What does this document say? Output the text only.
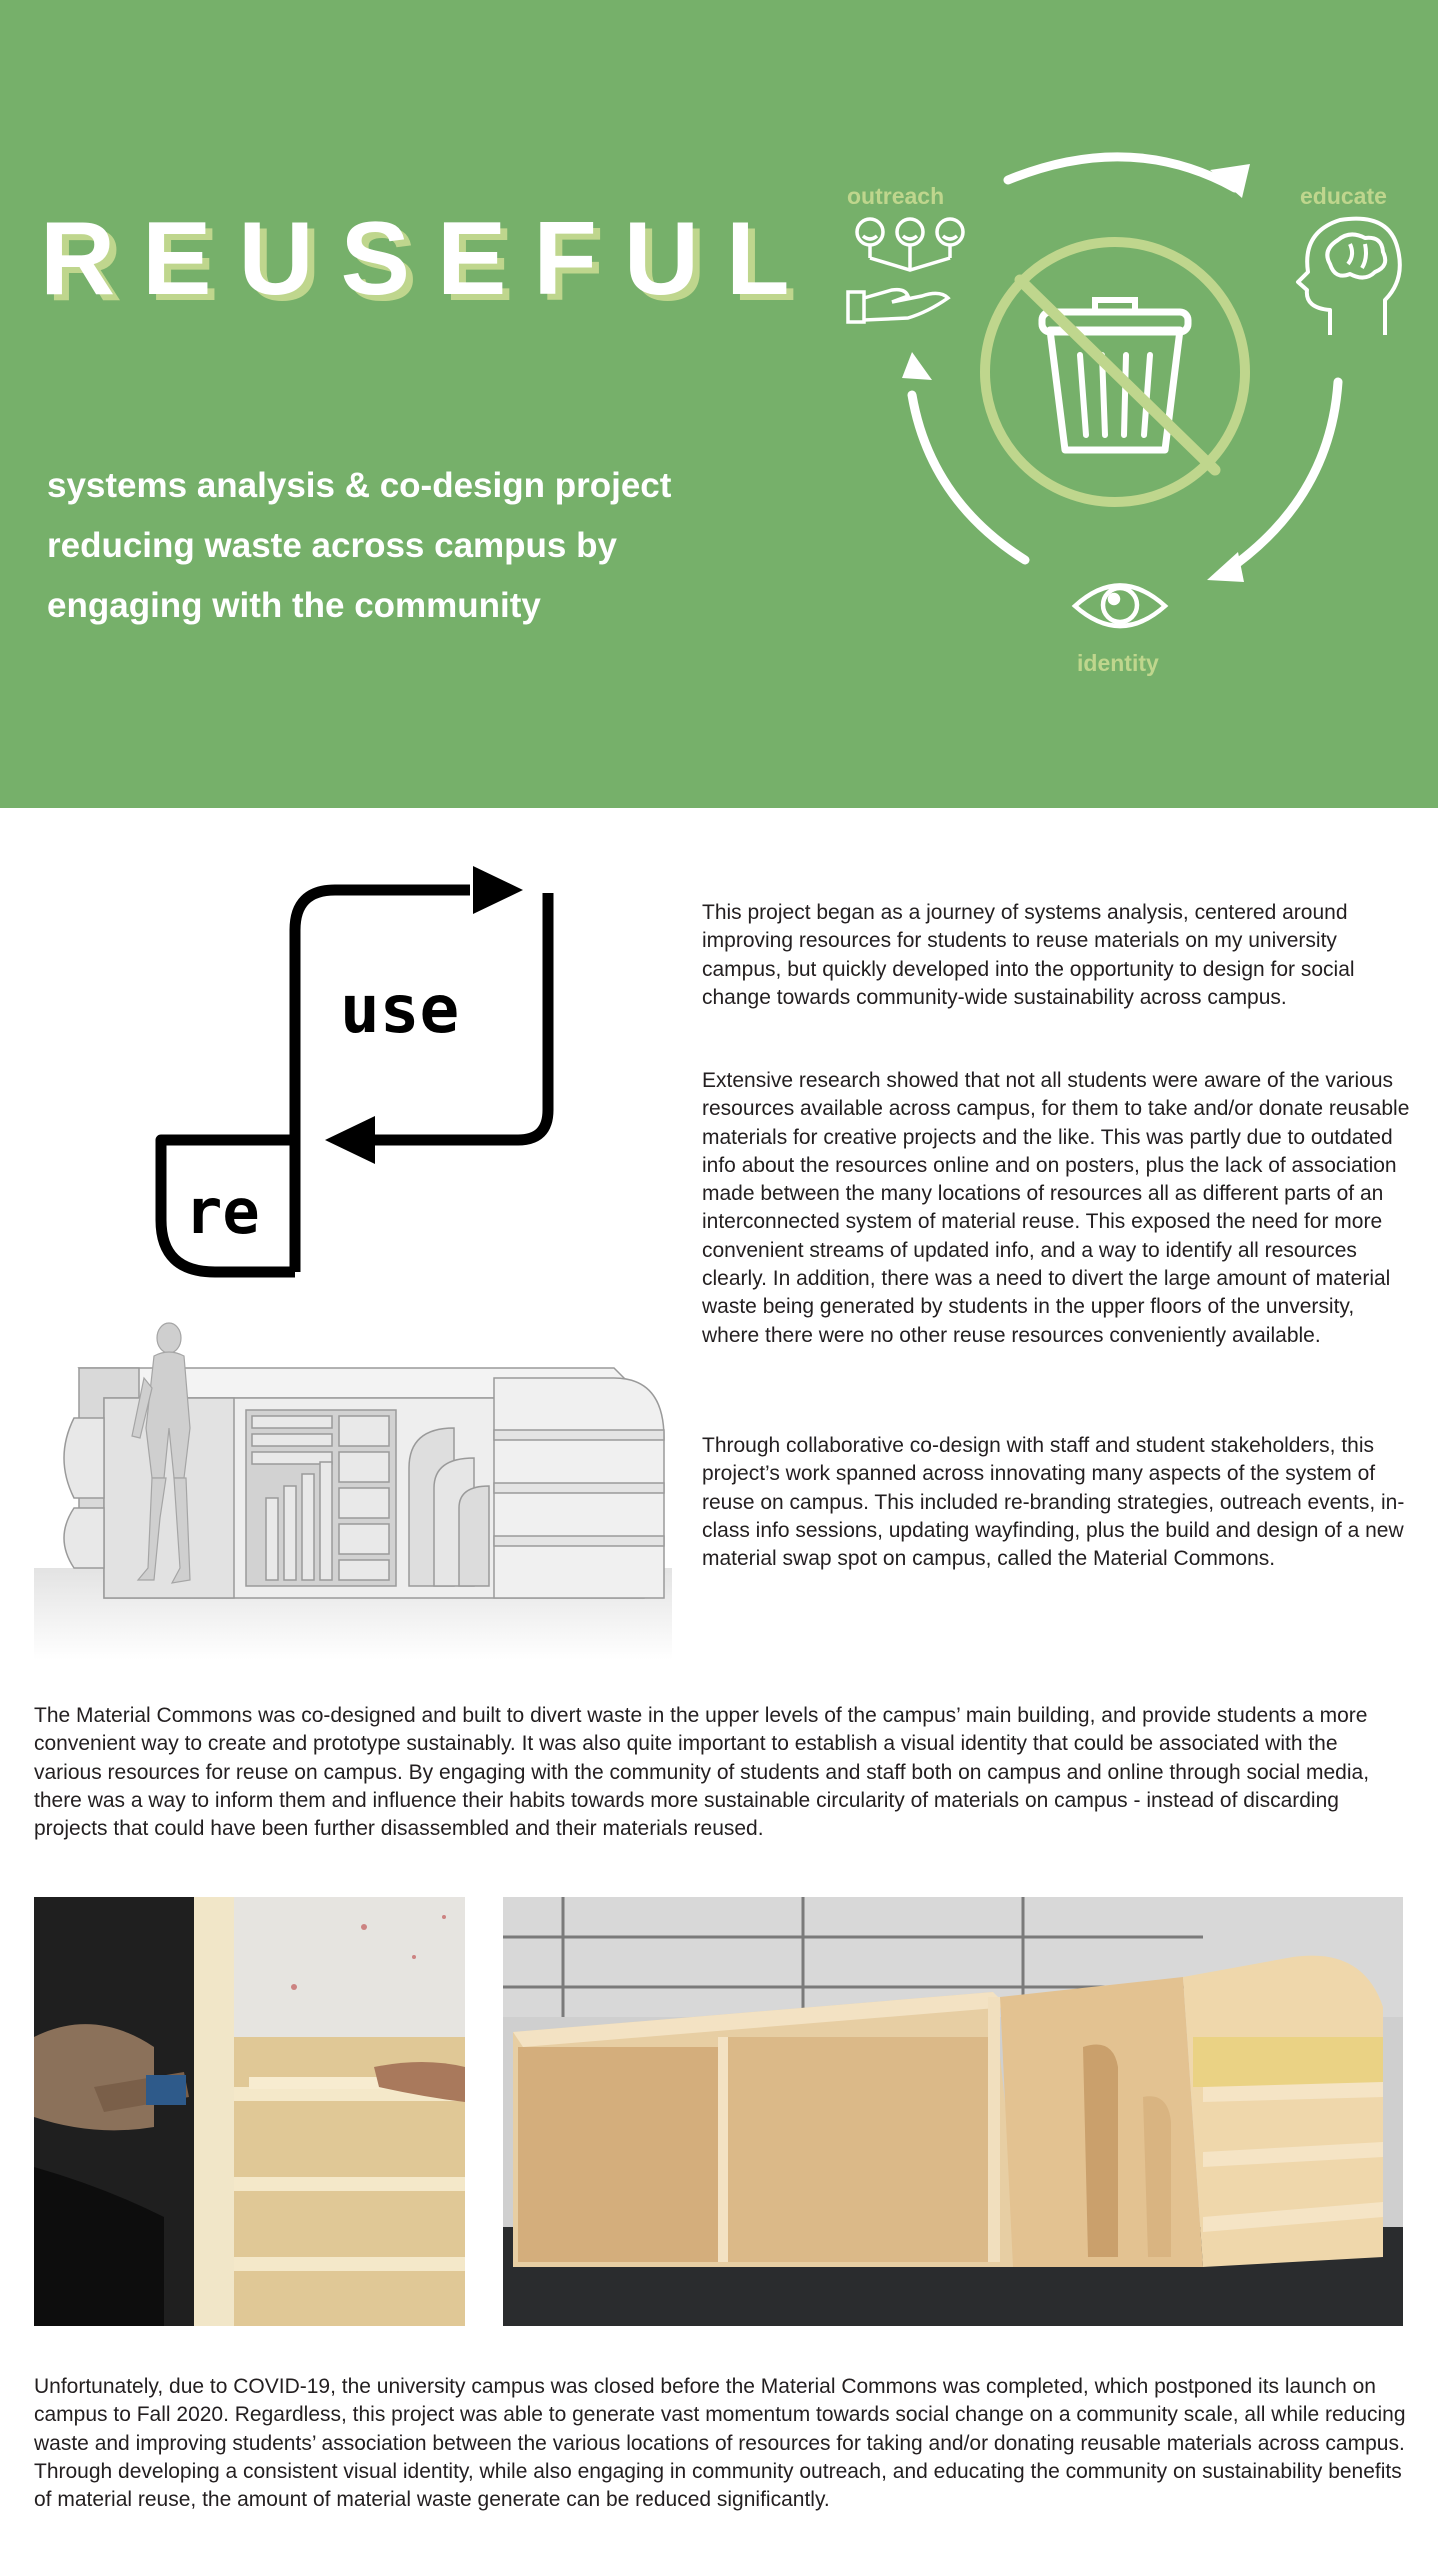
REUSEFUL
systems analysis & co-design project
reducing waste across campus by
engaging with the community
outreach	educate
identity
use
re

This project began as a journey of systems analysis, centered around improving resources for students to reuse materials on my university campus, but quickly developed into the opportunity to design for social change towards community-wide sustainability across campus.

Extensive research showed that not all students were aware of the various resources available across campus, for them to take and/or donate reusable materials for creative projects and the like. This was partly due to outdated info about the resources online and on posters, plus the lack of association made between the many locations of resources all as different parts of an interconnected system of material reuse. This exposed the need for more convenient streams of updated info, and a way to identify all resources clearly. In addition, there was a need to divert the large amount of material waste being generated by students in the upper floors of the unversity, where there were no other reuse resources conveniently available.

Through collaborative co-design with staff and student stakeholders, this project’s work spanned across innovating many aspects of the system of reuse on campus. This included re-branding strategies, outreach events, in-class info sessions, updating wayfinding, plus the build and design of a new material swap spot on campus, called the Material Commons.

The Material Commons was co-designed and built to divert waste in the upper levels of the campus’ main building, and provide students a more convenient way to create and prototype sustainably. It was also quite important to establish a visual identity that could be associated with the various resources for reuse on campus. By engaging with the community of students and staff both on campus and online through social media, there was a way to inform them and influence their habits towards more sustainable circularity of materials on campus - instead of discarding projects that could have been further disassembled and their materials reused.

Unfortunately, due to COVID-19, the university campus was closed before the Material Commons was completed, which postponed its launch on campus to Fall 2020. Regardless, this project was able to generate vast momentum towards social change on a community scale, all while reducing waste and improving students’ association between the various locations of resources for taking and/or donating reusable materials across campus. Through developing a consistent visual identity, while also engaging in community outreach, and educating the community on sustainability benefits of material reuse, the amount of material waste generate can be reduced significantly.
